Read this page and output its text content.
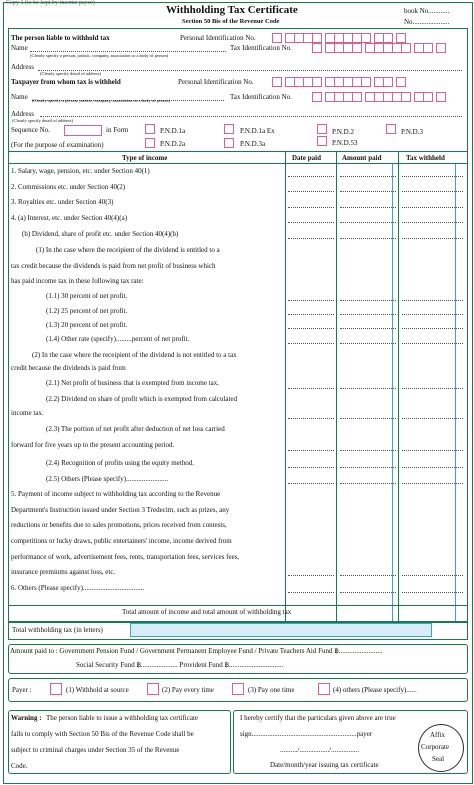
Copy 1 (to be kept by income payee)
Withholding Tax Certificate
Section 50 Bis of the Revenue Code
book No............
No.....................
The person liable to withhold tax	Personal Identification No.
Name
(Clearly specify a person, juristic, company, association or a body of person)
Tax Identification No.
Address
(Clearly specify detail of address)
Taxpayer from whom tax is withheld	Personal Identification No.
Name (Clearly specify a person, juristic, company, association or a body of person)	Tax Identification No.
Address
(Clearly specify detail of address)
Sequence No.	in Form
(For the purpose of examination)
P.N.D.1a	P.N.D.1a Ex	P.N.D.2	P.N.D.3
P.N.D.2a	P.N.D.3a	P.N.D.53
Type of income	Date paid	Amount paid	Tax withheld
1. Salary, wage, pension, etc. under Section 40(1)
2. Commissions etc. under Section 40(2)
3. Royalties etc. under Section 40(3)
4. (a) Interest, etc. under Section 40(4)(a)
(b) Dividend, share of profit etc. under Section 40(4)(b)
(1) In the case where the receipient of the dividend is entitled to a
tax credit because the dividends is paid from net profit of business which
has paid income tax in these following tax rate:
(1.1) 30 percent of net profit.
(1.2) 25 percent of net profit.
(1.3) 20 percent of net profit.
(1.4) Other rate (specify).........percent of net profit.
(2) In the case where the receipient of the dividend is not entitled to a tax
credit because the dividends is paid from
(2.1) Net profit of business that is exempted from income tax.
(2.2) Dividend on share of profit which is exempted from calculated
income tax.
(2.3) The portion of net profit after deduction of net loss carried
forward for five years up to the present accounting period.
(2.4) Recognition of profits using the equity method.
(2.5) Others (Please specify)........................
5. Payment of income subject to withholding tax according to the Revenue
Department's Instruction issued under Section 3 Tredecim, such as prizes, any
reductions or benefits due to sales promotions, prices received from contests,
competitions or lucky draws, public entertainers' income, income derived from
performance of work, advertisement fees, rents, transportation fees, services fees,
insurance premiums against loss, etc.
6. Others (Please specify)...................................
Total amount of income and total amount of withholding tax
Total withholding tax (in letters)
Amount paid to : Government Pension Fund / Government Permanent Employee Fund / Private Teachers Aid Fund ฿.........................
Social Security Fund ฿..................... Provident Fund ฿...............................
Payer :	(1) Withhold at source	(2) Pay every time	(3) Pay one time	(4) others (Please specify)......
Warning : The person liable to issue a withholding tax certificate
fails to comply with Section 50 Bis of the Revenue Code shall be
subject to criminal charges under Section 35 of the Revenue
Code.
I hereby certify that the particulars given above are true
sign............................................................payer
........../................./................
Date/month/year issuing tax certificate
Affix
Corporate
Seal
